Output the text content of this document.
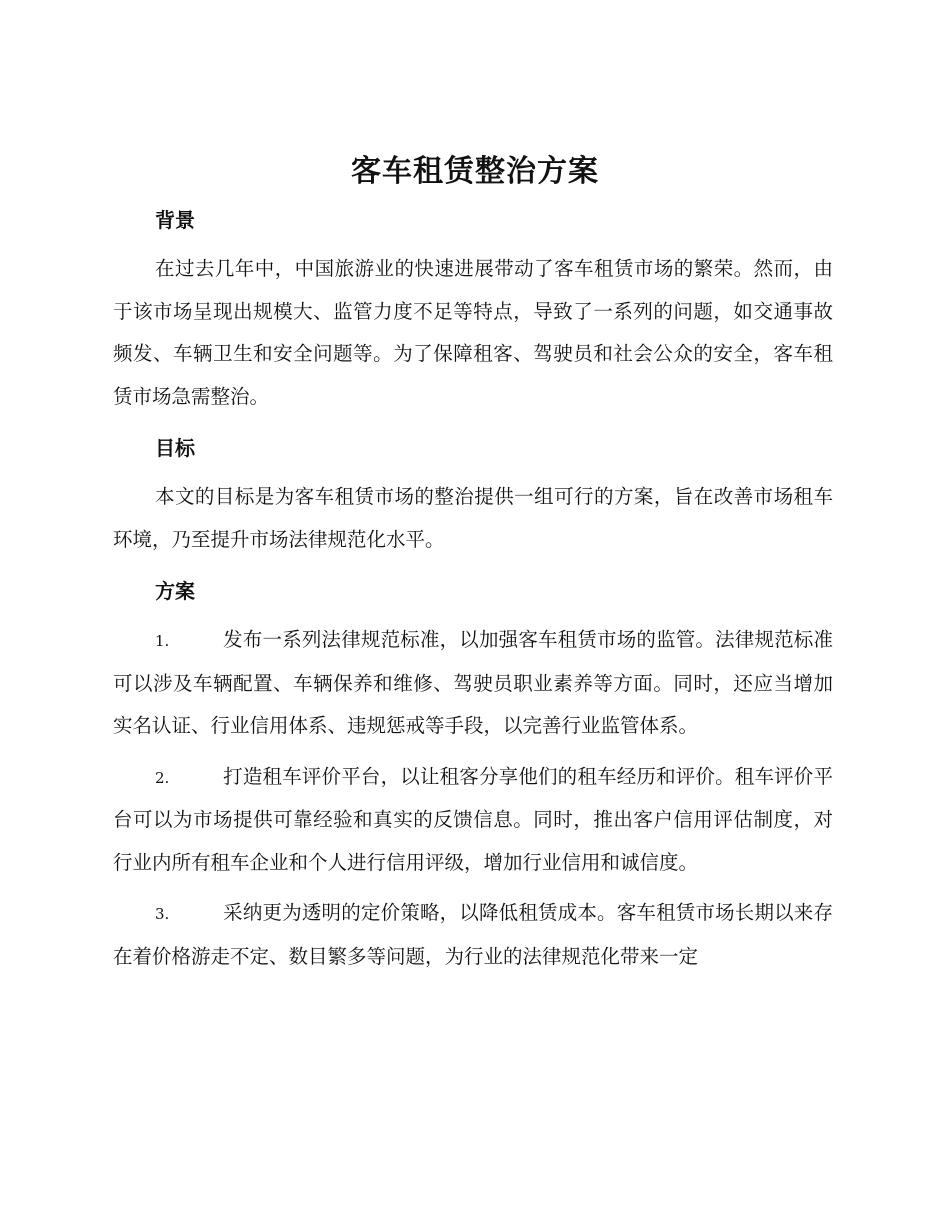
客车租赁整治方案
背景

在过去几年中，中国旅游业的快速进展带动了客车租赁市场的繁荣。然而，由于该市场呈现出规模大、监管力度不足等特点，导致了一系列的问题，如交通事故频发、车辆卫生和安全问题等。为了保障租客、驾驶员和社会公众的安全，客车租赁市场急需整治。

目标

本文的目标是为客车租赁市场的整治提供一组可行的方案，旨在改善市场租车环境，乃至提升市场法律规范化水平。

方案

1.	发布一系列法律规范标准，以加强客车租赁市场的监管。法律规范标准可以涉及车辆配置、车辆保养和维修、驾驶员职业素养等方面。同时，还应当增加实名认证、行业信用体系、违规惩戒等手段，以完善行业监管体系。

2.	打造租车评价平台，以让租客分享他们的租车经历和评价。租车评价平台可以为市场提供可靠经验和真实的反馈信息。同时，推出客户信用评估制度，对行业内所有租车企业和个人进行信用评级，增加行业信用和诚信度。

3.	采纳更为透明的定价策略，以降低租赁成本。客车租赁市场长期以来存在着价格游走不定、数目繁多等问题，为行业的法律规范化带来一定
